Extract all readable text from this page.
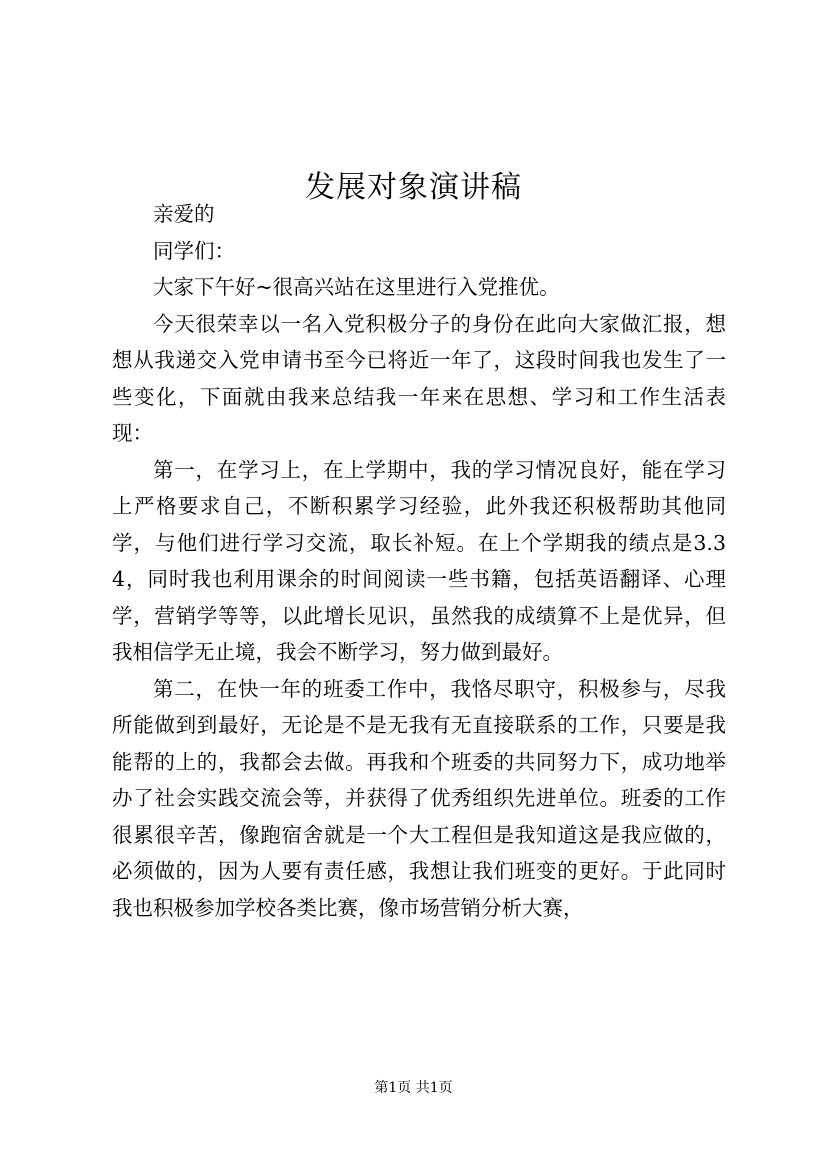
发展对象演讲稿

亲爱的

同学们：

大家下午好~很高兴站在这里进行入党推优。

今天很荣幸以一名入党积极分子的身份在此向大家做汇报，想想从我递交入党申请书至今已将近一年了，这段时间我也发生了一些变化，下面就由我来总结我一年来在思想、学习和工作生活表现：

第一，在学习上，在上学期中，我的学习情况良好，能在学习上严格要求自己，不断积累学习经验，此外我还积极帮助其他同学，与他们进行学习交流，取长补短。在上个学期我的绩点是3.34，同时我也利用课余的时间阅读一些书籍，包括英语翻译、心理学，营销学等等，以此增长见识，虽然我的成绩算不上是优异，但我相信学无止境，我会不断学习，努力做到最好。

第二，在快一年的班委工作中，我恪尽职守，积极参与，尽我所能做到到最好，无论是不是无我有无直接联系的工作，只要是我能帮的上的，我都会去做。再我和个班委的共同努力下，成功地举办了社会实践交流会等，并获得了优秀组织先进单位。班委的工作很累很辛苦，像跑宿舍就是一个大工程但是我知道这是我应做的，必须做的，因为人要有责任感，我想让我们班变的更好。于此同时我也积极参加学校各类比赛，像市场营销分析大赛，

第1页 共1页
